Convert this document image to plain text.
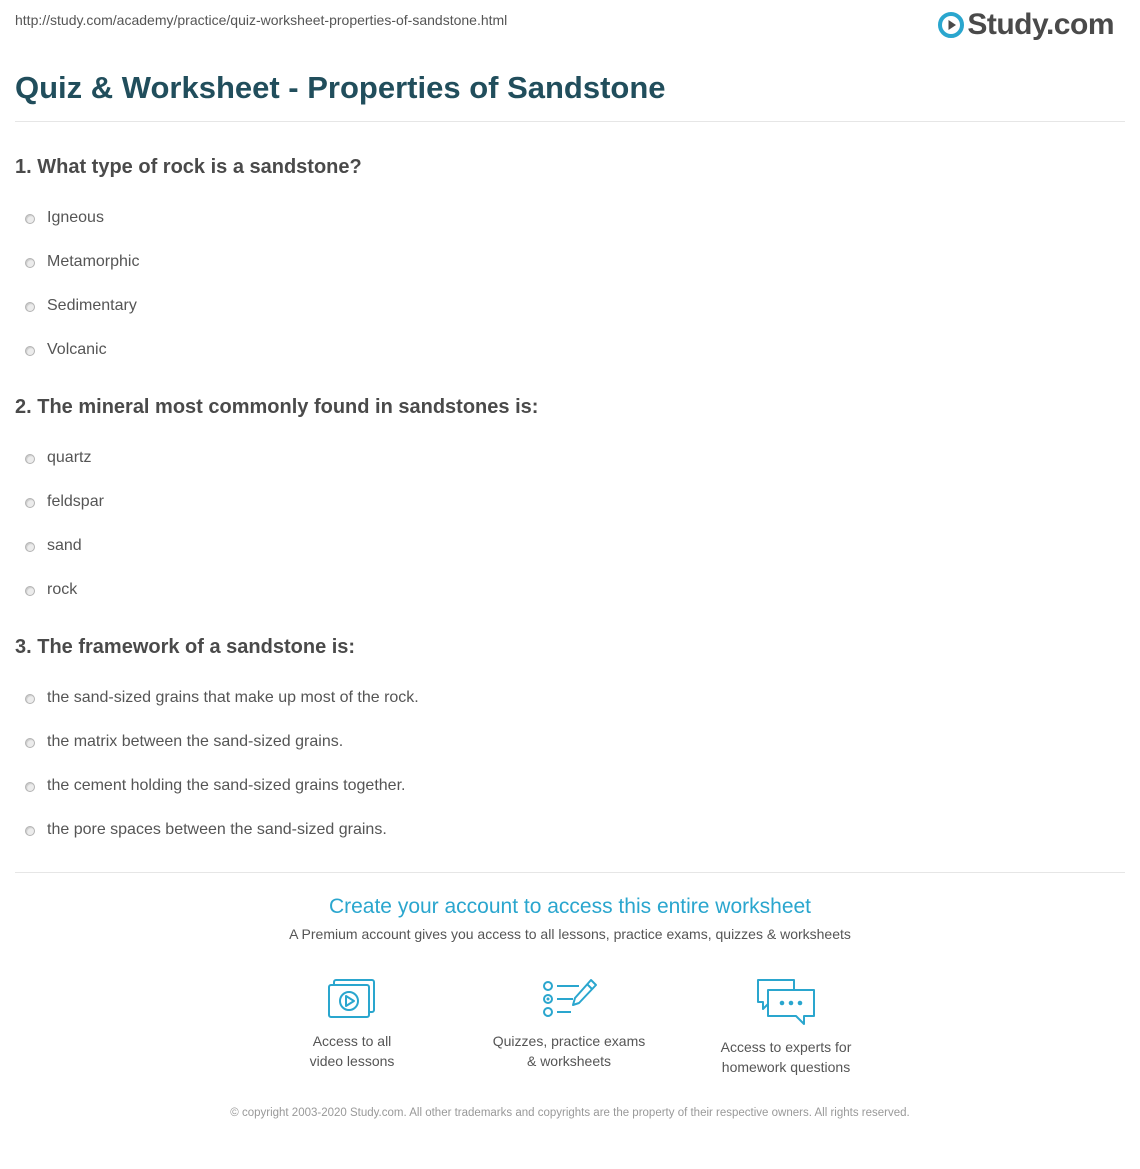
http://study.com/academy/practice/quiz-worksheet-properties-of-sandstone.html	Study.com
Quiz & Worksheet - Properties of Sandstone
1. What type of rock is a sandstone?
Igneous
Metamorphic
Sedimentary
Volcanic
2. The mineral most commonly found in sandstones is:
quartz
feldspar
sand
rock
3. The framework of a sandstone is:
the sand-sized grains that make up most of the rock.
the matrix between the sand-sized grains.
the cement holding the sand-sized grains together.
the pore spaces between the sand-sized grains.
Create your account to access this entire worksheet
A Premium account gives you access to all lessons, practice exams, quizzes & worksheets
Access to all
video lessons
Quizzes, practice exams
& worksheets
Access to experts for
homework questions
© copyright 2003-2020 Study.com. All other trademarks and copyrights are the property of their respective owners. All rights reserved.
